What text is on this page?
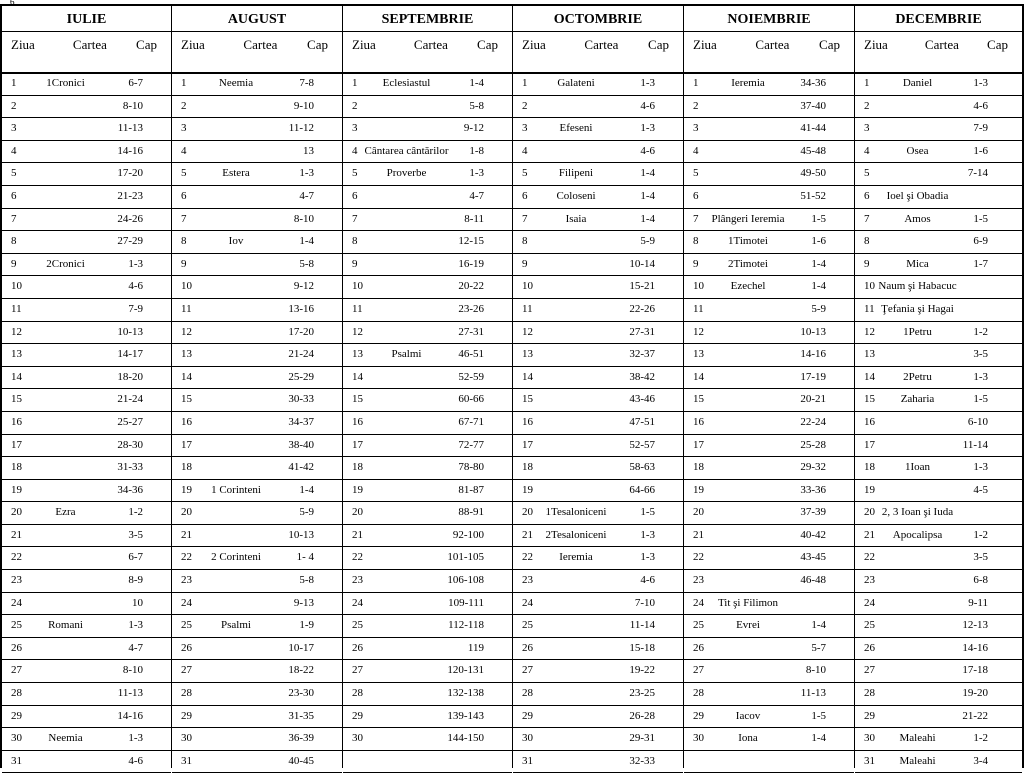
6
IULIE
Ziua	Cartea Cap
1	1Cronici	6-7
2	8-10
3	11-13
4	14-16
5	17-20
6	21-23
7	24-26
8	27-29
9	2Cronici	1-3
10	4-6
11	7-9
12	10-13
13	14-17
14	18-20
15	21-24
16	25-27
17	28-30
18	31-33
19	34-36
20	Ezra	1-2
21	3-5
22	6-7
23	8-9
24	10
25	Romani	1-3
26	4-7
27	8-10
28	11-13
29	14-16
30	Neemia	1-3
31	4-6
AUGUST
Ziua	Cartea Cap
1	Neemia	7-8
2	9-10
3	11-12
4	13
5	Estera	1-3
6	4-7
7	8-10
8	Iov	1-4
9	5-8
10	9-12
11	13-16
12	17-20
13	21-24
14	25-29
15	30-33
16	34-37
17	38-40
18	41-42
19	1 Corinteni	1-4
20	5-9
21	10-13
22	2 Corinteni	1- 4
23	5-8
24	9-13
25	Psalmi	1-9
26	10-17
27	18-22
28	23-30
29	31-35
30	36-39
31	40-45
SEPTEMBRIE
Ziua	Cartea Cap
1	Eclesiastul	1-4
2	5-8
3	9-12
4 Cântarea cântărilor	1-8
5	Proverbe	1-3
6	4-7
7	8-11
8	12-15
9	16-19
10	20-22
11	23-26
12	27-31
13	Psalmi	46-51
14	52-59
15	60-66
16	67-71
17	72-77
18	78-80
19	81-87
20	88-91
21	92-100
22	101-105
23	106-108
24	109-111
25	112-118
26	119
27	120-131
28	132-138
29	139-143
30	144-150
OCTOMBRIE
Ziua	Cartea Cap
1	Galateni	1-3
2	4-6
3	Efeseni	1-3
4	4-6
5	Filipeni	1-4
6	Coloseni	1-4
7	Isaia	1-4
8	5-9
9	10-14
10	15-21
11	22-26
12	27-31
13	32-37
14	38-42
15	43-46
16	47-51
17	52-57
18	58-63
19	64-66
20	1Tesaloniceni	1-5
21	2Tesaloniceni	1-3
22	Ieremia	1-3
23	4-6
24	7-10
25	11-14
26	15-18
27	19-22
28	23-25
29	26-28
30	29-31
31	32-33
NOIEMBRIE
Ziua	Cartea Cap
1	Ieremia	34-36
2	37-40
3	41-44
4	45-48
5	49-50
6	51-52
7	Plângeri Ieremia	1-5
8	1Timotei	1-6
9	2Timotei	1-4
10	Ezechel	1-4
11	5-9
12	10-13
13	14-16
14	17-19
15	20-21
16	22-24
17	25-28
18	29-32
19	33-36
20	37-39
21	40-42
22	43-45
23	46-48
24	Tit şi Filimon
25	Evrei	1-4
26	5-7
27	8-10
28	11-13
29	Iacov	1-5
30	Iona	1-4
DECEMBRIE
Ziua	Cartea Cap
1	Daniel	1-3
2	4-6
3	7-9
4	Osea	1-6
5	7-14
6	Ioel şi Obadia
7	Amos	1-5
8	6-9
9	Mica	1-7
10 Naum şi Habacuc
11 Ţefania şi Hagai
12	1Petru	1-2
13	3-5
14	2Petru	1-3
15	Zaharia	1-5
16	6-10
17	11-14
18	1Ioan	1-3
19	4-5
20 2, 3 Ioan şi Iuda
21	Apocalipsa	1-2
22	3-5
23	6-8
24	9-11
25	12-13
26	14-16
27	17-18
28	19-20
29	21-22
30	Maleahi	1-2
31	Maleahi	3-4
